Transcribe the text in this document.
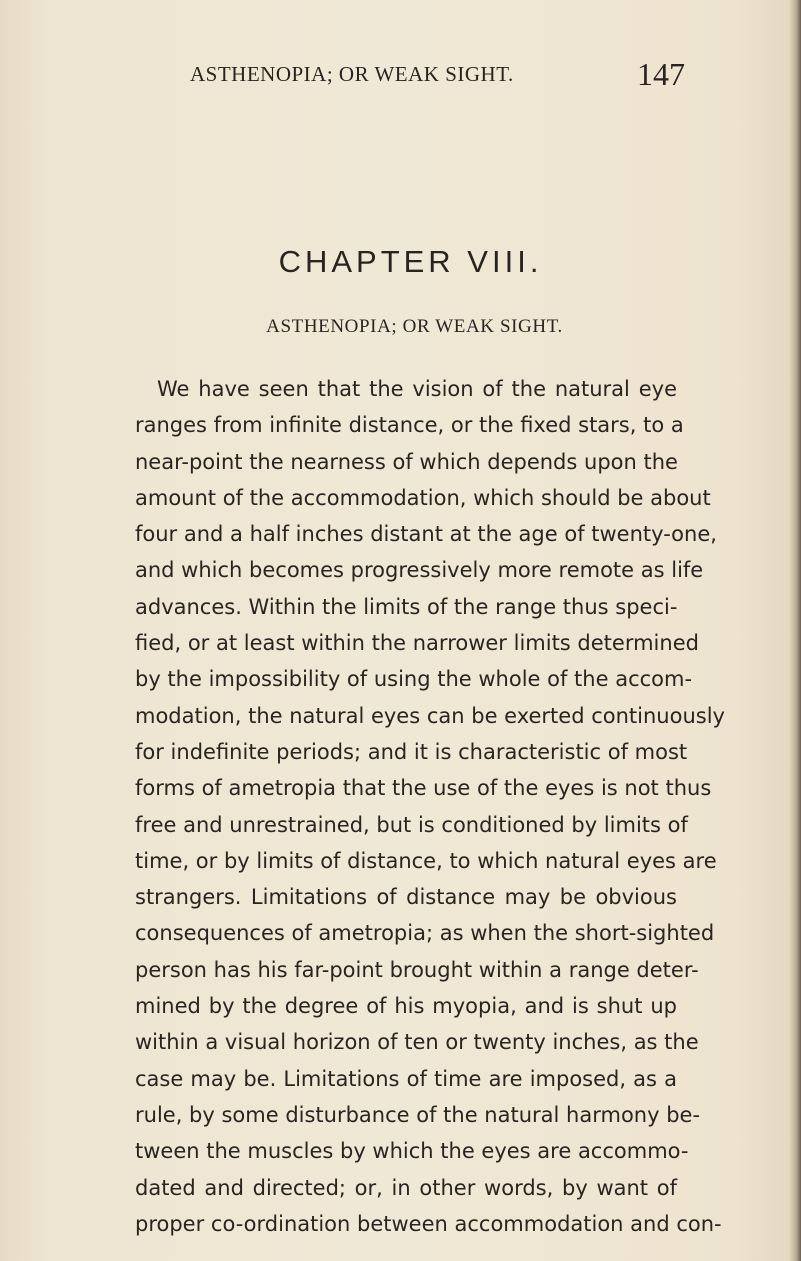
ASTHENOPIA; OR WEAK SIGHT.	147
CHAPTER VIII.
ASTHENOPIA; OR WEAK SIGHT.
We have seen that the vision of the natural eye
ranges from infinite distance, or the fixed stars, to a
near-point the nearness of which depends upon the
amount of the accommodation, which should be about
four and a half inches distant at the age of twenty-one,
and which becomes progressively more remote as life
advances. Within the limits of the range thus speci-
fied, or at least within the narrower limits determined
by the impossibility of using the whole of the accom-
modation, the natural eyes can be exerted continuously
for indefinite periods; and it is characteristic of most
forms of ametropia that the use of the eyes is not thus
free and unrestrained, but is conditioned by limits of
time, or by limits of distance, to which natural eyes are
strangers. Limitations of distance may be obvious
consequences of ametropia; as when the short-sighted
person has his far-point brought within a range deter-
mined by the degree of his myopia, and is shut up
within a visual horizon of ten or twenty inches, as the
case may be. Limitations of time are imposed, as a
rule, by some disturbance of the natural harmony be-
tween the muscles by which the eyes are accommo-
dated and directed; or, in other words, by want of
proper co-ordination between accommodation and con-
